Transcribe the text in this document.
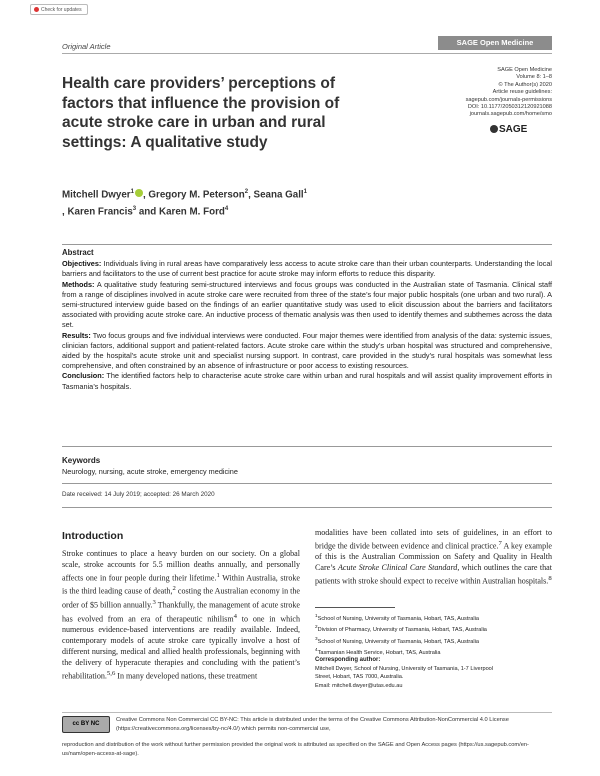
Check for updates
Original Article	SAGE Open Medicine
Health care providers’ perceptions of factors that influence the provision of acute stroke care in urban and rural settings: A qualitative study
SAGE Open Medicine
Volume 8: 1–8
© The Author(s) 2020
Article reuse guidelines:
sagepub.com/journals-permissions
DOI: 10.1177/2050312120921088
journals.sagepub.com/home/smo
SAGE
Mitchell Dwyer$^1$ , Gregory M. Peterson$^2$, Seana Gall$^1$
, Karen Francis$^3$ and Karen M. Ford$^4$

Abstract

Objectives: Individuals living in rural areas have comparatively less access to acute stroke care than their urban counterparts. Understanding the local barriers and facilitators to the use of current best practice for acute stroke may inform efforts to reduce this disparity.

Methods: A qualitative study featuring semi-structured interviews and focus groups was conducted in the Australian state of Tasmania. Clinical staff from a range of disciplines involved in acute stroke care were recruited from three of the state’s four major public hospitals (one urban and two rural). A semi-structured interview guide based on the findings of an earlier quantitative study was used to elicit discussion about the barriers and facilitators associated with providing acute stroke care. An inductive process of thematic analysis was then used to identify themes and subthemes across the data set.

Results: Two focus groups and five individual interviews were conducted. Four major themes were identified from analysis of the data: systemic issues, clinician factors, additional support and patient-related factors. Acute stroke care within the study’s urban hospital was structured and comprehensive, aided by the hospital’s acute stroke unit and specialist nursing support. In contrast, care provided in the study’s rural hospitals was somewhat less comprehensive, and often constrained by an absence of infrastructure or poor access to existing resources.

Conclusion: The identified factors help to characterise acute stroke care within urban and rural hospitals and will assist quality improvement efforts in Tasmania’s hospitals.

Keywords
Neurology, nursing, acute stroke, emergency medicine
Date received: 14 July 2019; accepted: 26 March 2020
Introduction

Stroke continues to place a heavy burden on our society. On a global scale, stroke accounts for 5.5 million deaths annually, and personally affects one in four people during their lifetime.$^1$ Within Australia, stroke is the third leading cause of death,$^2$ costing the Australian economy in the order of $5 billion annually.$^3$ Thankfully, the management of acute stroke has evolved from an era of therapeutic nihilism$^4$ to one in which numerous evidence-based interventions are readily available. Indeed, contemporary models of acute stroke care typically involve a host of different nursing, medical and allied health professionals, beginning with the delivery of hyperacute therapies and concluding with the patient’s rehabilitation.$^{5,6}$ In many developed nations, these treatment

modalities have been collated into sets of guidelines, in an effort to bridge the divide between evidence and clinical practice.$^7$ A key example of this is the Australian Commission on Safety and Quality in Health Care’s Acute Stroke Clinical Care Standard, which outlines the care that patients with stroke should expect to receive within Australian hospitals.$^8$

$^1$School of Nursing, University of Tasmania, Hobart, TAS, Australia
$^2$Division of Pharmacy, University of Tasmania, Hobart, TAS, Australia
$^3$School of Nursing, University of Tasmania, Hobart, TAS, Australia
$^4$Tasmanian Health Service, Hobart, TAS, Australia
Corresponding author:
Mitchell Dwyer, School of Nursing, University of Tasmania, 1-7 Liverpool
Street, Hobart, TAS 7000, Australia.
Email: mitchell.dwyer@utas.edu.au
cc BY NC
Creative Commons Non Commercial CC BY-NC: This article is distributed under the terms of the Creative Commons Attribution-NonCommercial 4.0 License (https://creativecommons.org/licenses/by-nc/4.0/) which permits non-commercial use,
reproduction and distribution of the work without further permission provided the original work is attributed as specified on the SAGE and Open Access pages (https://us.sagepub.com/en-us/nam/open-access-at-sage).
